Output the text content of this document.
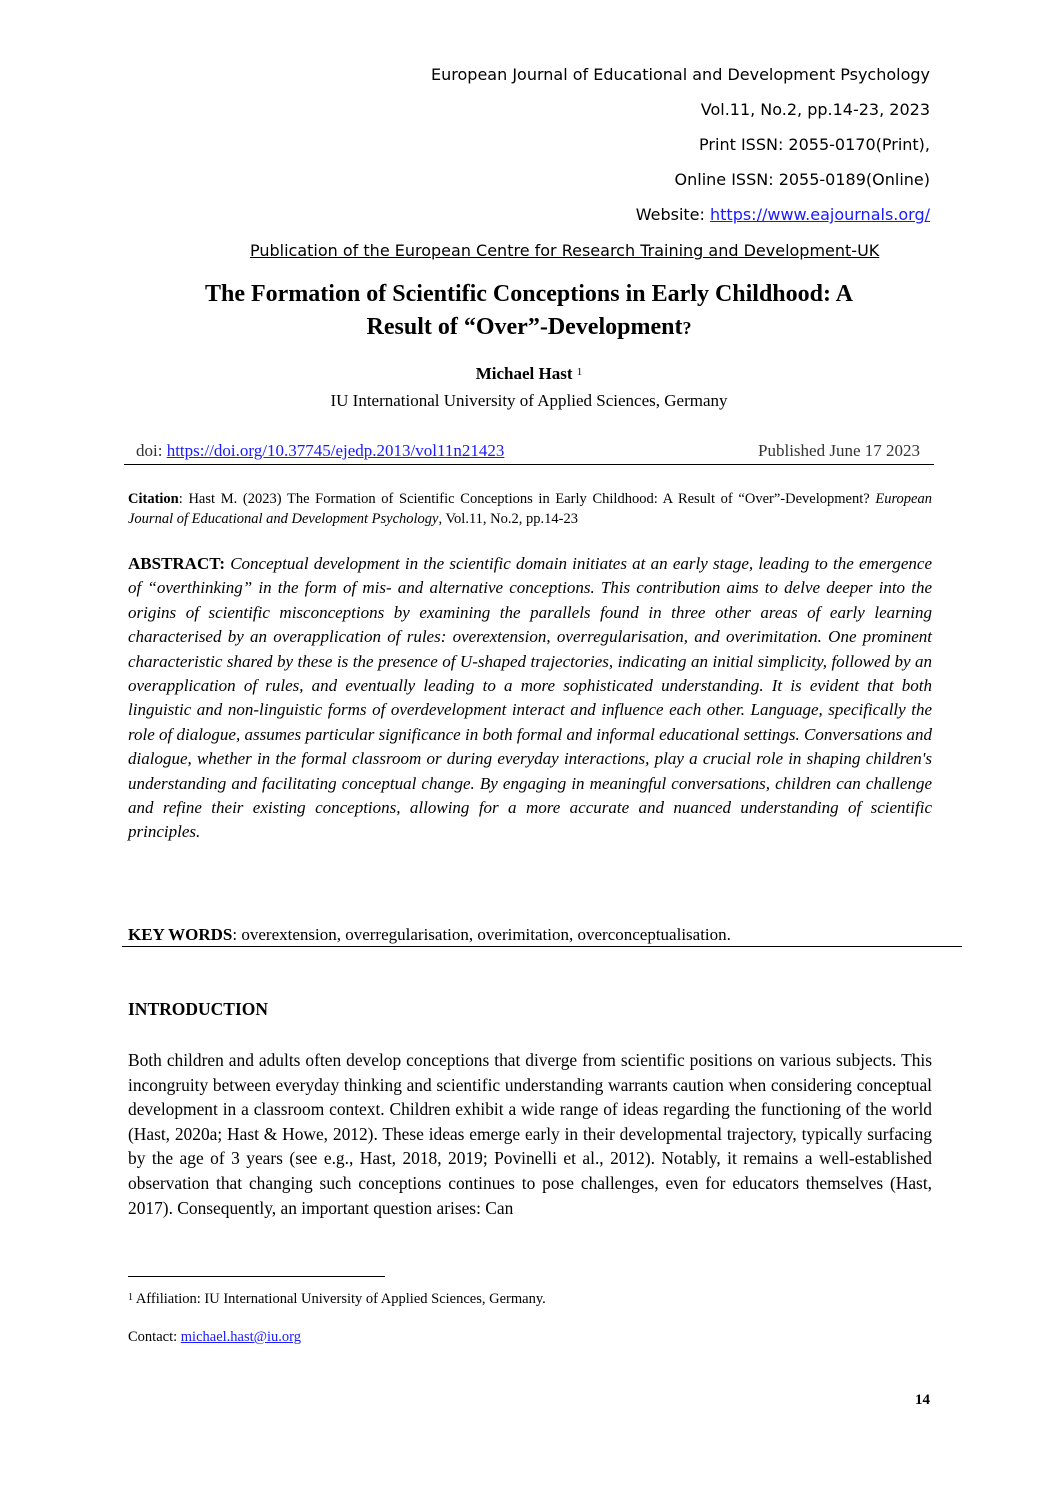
European Journal of Educational and Development Psychology
Vol.11, No.2, pp.14-23, 2023
Print ISSN: 2055-0170(Print),
Online ISSN: 2055-0189(Online)
Website: https://www.eajournals.org/
Publication of the European Centre for Research Training and Development-UK
The Formation of Scientific Conceptions in Early Childhood: A
Result of “Over”-Development?
Michael Hast $^1$
IU International University of Applied Sciences, Germany
doi: https://doi.org/10.37745/ejedp.2013/vol11n21423	Published June 17 2023
Citation: Hast M. (2023) The Formation of Scientific Conceptions in Early Childhood: A Result of “Over”-Development? European Journal of Educational and Development Psychology, Vol.11, No.2, pp.14-23
ABSTRACT: Conceptual development in the scientific domain initiates at an early stage, leading to the emergence of “overthinking” in the form of mis- and alternative conceptions. This contribution aims to delve deeper into the origins of scientific misconceptions by examining the parallels found in three other areas of early learning characterised by an overapplication of rules: overextension, overregularisation, and overimitation. One prominent characteristic shared by these is the presence of U-shaped trajectories, indicating an initial simplicity, followed by an overapplication of rules, and eventually leading to a more sophisticated understanding. It is evident that both linguistic and non-linguistic forms of overdevelopment interact and influence each other. Language, specifically the role of dialogue, assumes particular significance in both formal and informal educational settings. Conversations and dialogue, whether in the formal classroom or during everyday interactions, play a crucial role in shaping children's understanding and facilitating conceptual change. By engaging in meaningful conversations, children can challenge and refine their existing conceptions, allowing for a more accurate and nuanced understanding of scientific principles.
KEY WORDS: overextension, overregularisation, overimitation, overconceptualisation.
INTRODUCTION
Both children and adults often develop conceptions that diverge from scientific positions on various subjects. This incongruity between everyday thinking and scientific understanding warrants caution when considering conceptual development in a classroom context. Children exhibit a wide range of ideas regarding the functioning of the world (Hast, 2020a; Hast & Howe, 2012). These ideas emerge early in their developmental trajectory, typically surfacing by the age of 3 years (see e.g., Hast, 2018, 2019; Povinelli et al., 2012). Notably, it remains a well-established observation that changing such conceptions continues to pose challenges, even for educators themselves (Hast, 2017). Consequently, an important question arises: Can
$^1$ Affiliation: IU International University of Applied Sciences, Germany.
Contact: michael.hast@iu.org
14
